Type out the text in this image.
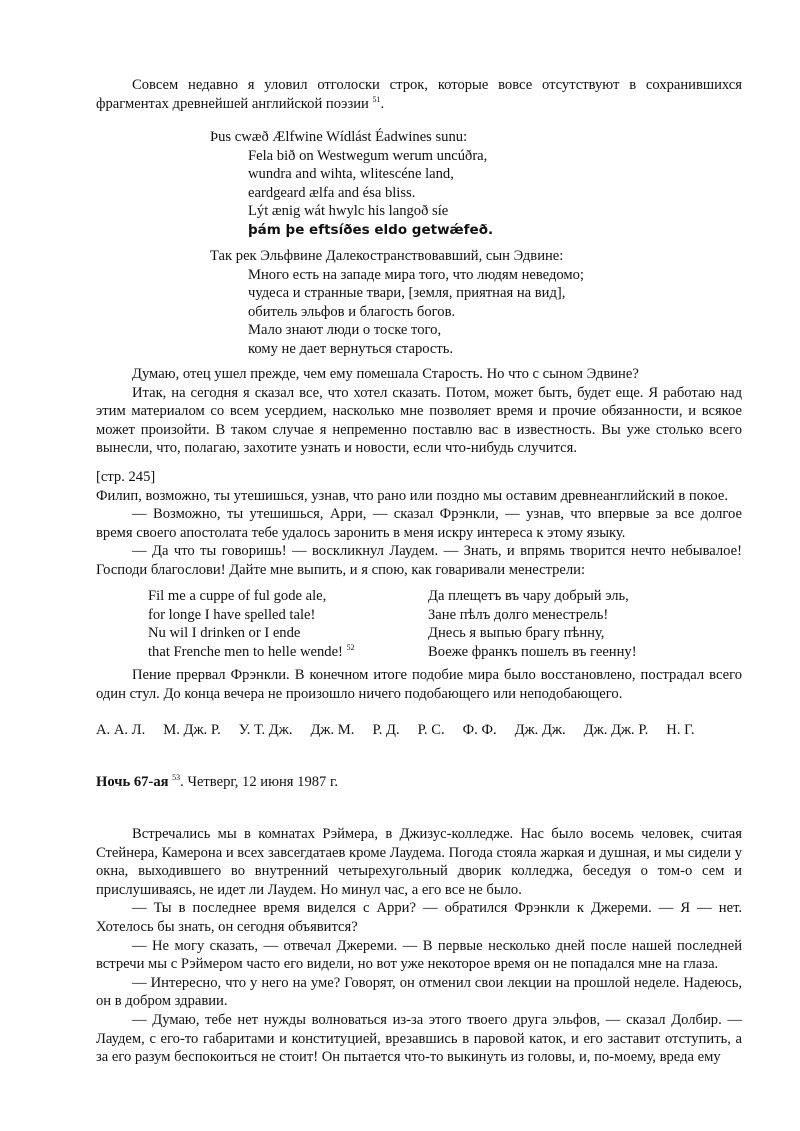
Совсем недавно я уловил отголоски строк, которые вовсе отсутствуют в сохранившихся фрагментах древнейшей английской поэзии $^{51}$.

Þus cwæð Ælfwine Wídlást Éadwines sunu:
Fela bið on Westwegum werum uncúðra,
wundra and wihta, wlitescéne land,
eardgeard ælfa and ésa bliss.
Lýt ænig wát hwylc his langoð síe
þám þe eftsíðes eldo getwǽfeð.
Так рек Эльфвине Далекостранствовавший, сын Эдвине:
Много есть на западе мира того, что людям неведомо;
чудеса и странные твари, [земля, приятная на вид],
обитель эльфов и благость богов.
Мало знают люди о тоске того,
кому не дает вернуться старость.

Думаю, отец ушел прежде, чем ему помешала Старость. Но что с сыном Эдвине?

Итак, на сегодня я сказал все, что хотел сказать. Потом, может быть, будет еще. Я работаю над этим материалом со всем усердием, насколько мне позволяет время и прочие обязанности, и всякое может произойти. В таком случае я непременно поставлю вас в известность. Вы уже столько всего вынесли, что, полагаю, захотите узнать и новости, если что-нибудь случится.

[стр. 245]

Филип, возможно, ты утешишься, узнав, что рано или поздно мы оставим древнеанглийский в покое.

— Возможно, ты утешишься, Арри, — сказал Фрэнкли, — узнав, что впервые за все долгое время своего апостолата тебе удалось заронить в меня искру интереса к этому языку.

— Да что ты говоришь! — воскликнул Лаудем. — Знать, и впрямь творится нечто небывалое! Господи благослови! Дайте мне выпить, и я спою, как говаривали менестрели:

Fil me a cuppe of ful gode ale,
for longe I have spelled tale!
Nu wil I drinken or I ende
that Frenche men to helle wende! $^{52}$
Да плещетъ въ чару добрый эль,
Зане пѣлъ долго менестрель!
Днесь я выпью брагу пѣнну,
Воеже франкъ пошелъ въ геенну!

Пение прервал Фрэнкли. В конечном итоге подобие мира было восстановлено, пострадал всего один стул. До конца вечера не произошло ничего подобающего или неподобающего.

А. А. Л. М. Дж. Р. У. Т. Дж. Дж. М. Р. Д. Р. С. Ф. Ф. Дж. Дж. Дж. Дж. Р. Н. Г.

Ночь 67-ая $^{53}$. Четверг, 12 июня 1987 г.

Встречались мы в комнатах Рэймера, в Джизус-колледже. Нас было восемь человек, считая Стейнера, Камерона и всех завсегдатаев кроме Лаудема. Погода стояла жаркая и душная, и мы сидели у окна, выходившего во внутренний четырехугольный дворик колледжа, беседуя о том-о сем и прислушиваясь, не идет ли Лаудем. Но минул час, а его все не было.

— Ты в последнее время виделся с Арри? — обратился Фрэнкли к Джереми. — Я — нет. Хотелось бы знать, он сегодня объявится?

— Не могу сказать, — отвечал Джереми. — В первые несколько дней после нашей последней встречи мы с Рэймером часто его видели, но вот уже некоторое время он не попадался мне на глаза.

— Интересно, что у него на уме? Говорят, он отменил свои лекции на прошлой неделе. Надеюсь, он в добром здравии.

— Думаю, тебе нет нужды волноваться из-за этого твоего друга эльфов, — сказал Долбир. — Лаудем, с его-то габаритами и конституцией, врезавшись в паровой каток, и его заставит отступить, а за его разум беспокоиться не стоит! Он пытается что-то выкинуть из головы, и, по-моему, вреда ему
